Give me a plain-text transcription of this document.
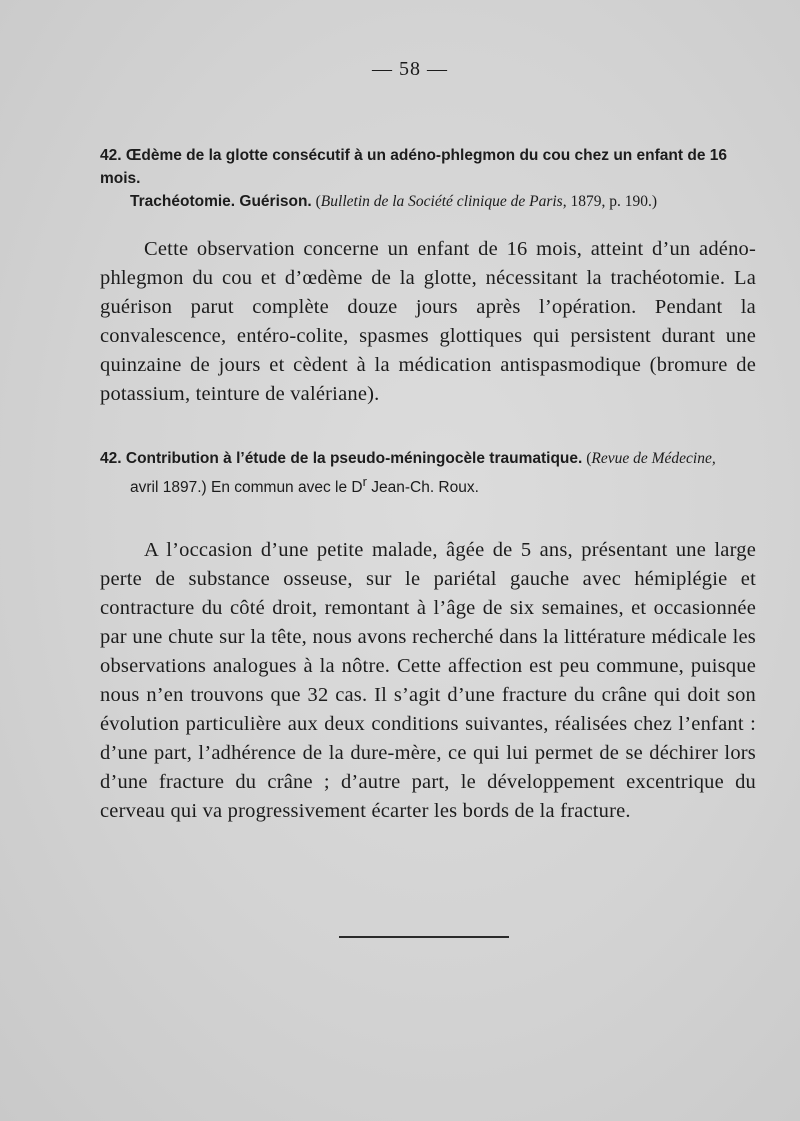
— 58 —
42. Œdème de la glotte consécutif à un adéno-phlegmon du cou chez un enfant de 16 mois.
Trachéotomie. Guérison. (Bulletin de la Société clinique de Paris, 1879, p. 190.)

Cette observation concerne un enfant de 16 mois, atteint d’un adéno-phlegmon du cou et d’œdème de la glotte, nécessitant la trachéotomie. La guérison parut complète douze jours après l’opération. Pendant la convalescence, entéro-colite, spasmes glottiques qui persistent durant une quinzaine de jours et cèdent à la médication antispasmodique (bromure de potassium, teinture de valériane).

42. Contribution à l’étude de la pseudo-méningocèle traumatique. (Revue de Médecine,
avril 1897.) En commun avec le $D^r$ Jean-Ch. Roux.

A l’occasion d’une petite malade, âgée de 5 ans, présentant une large perte de substance osseuse, sur le pariétal gauche avec hémiplégie et contracture du côté droit, remontant à l’âge de six semaines, et occasionnée par une chute sur la tête, nous avons recherché dans la littérature médicale les observations analogues à la nôtre. Cette affection est peu commune, puisque nous n’en trouvons que 32 cas. Il s’agit d’une fracture du crâne qui doit son évolution particulière aux deux conditions suivantes, réalisées chez l’enfant : d’une part, l’adhérence de la dure-mère, ce qui lui permet de se déchirer lors d’une fracture du crâne ; d’autre part, le développement excentrique du cerveau qui va progressivement écarter les bords de la fracture.
